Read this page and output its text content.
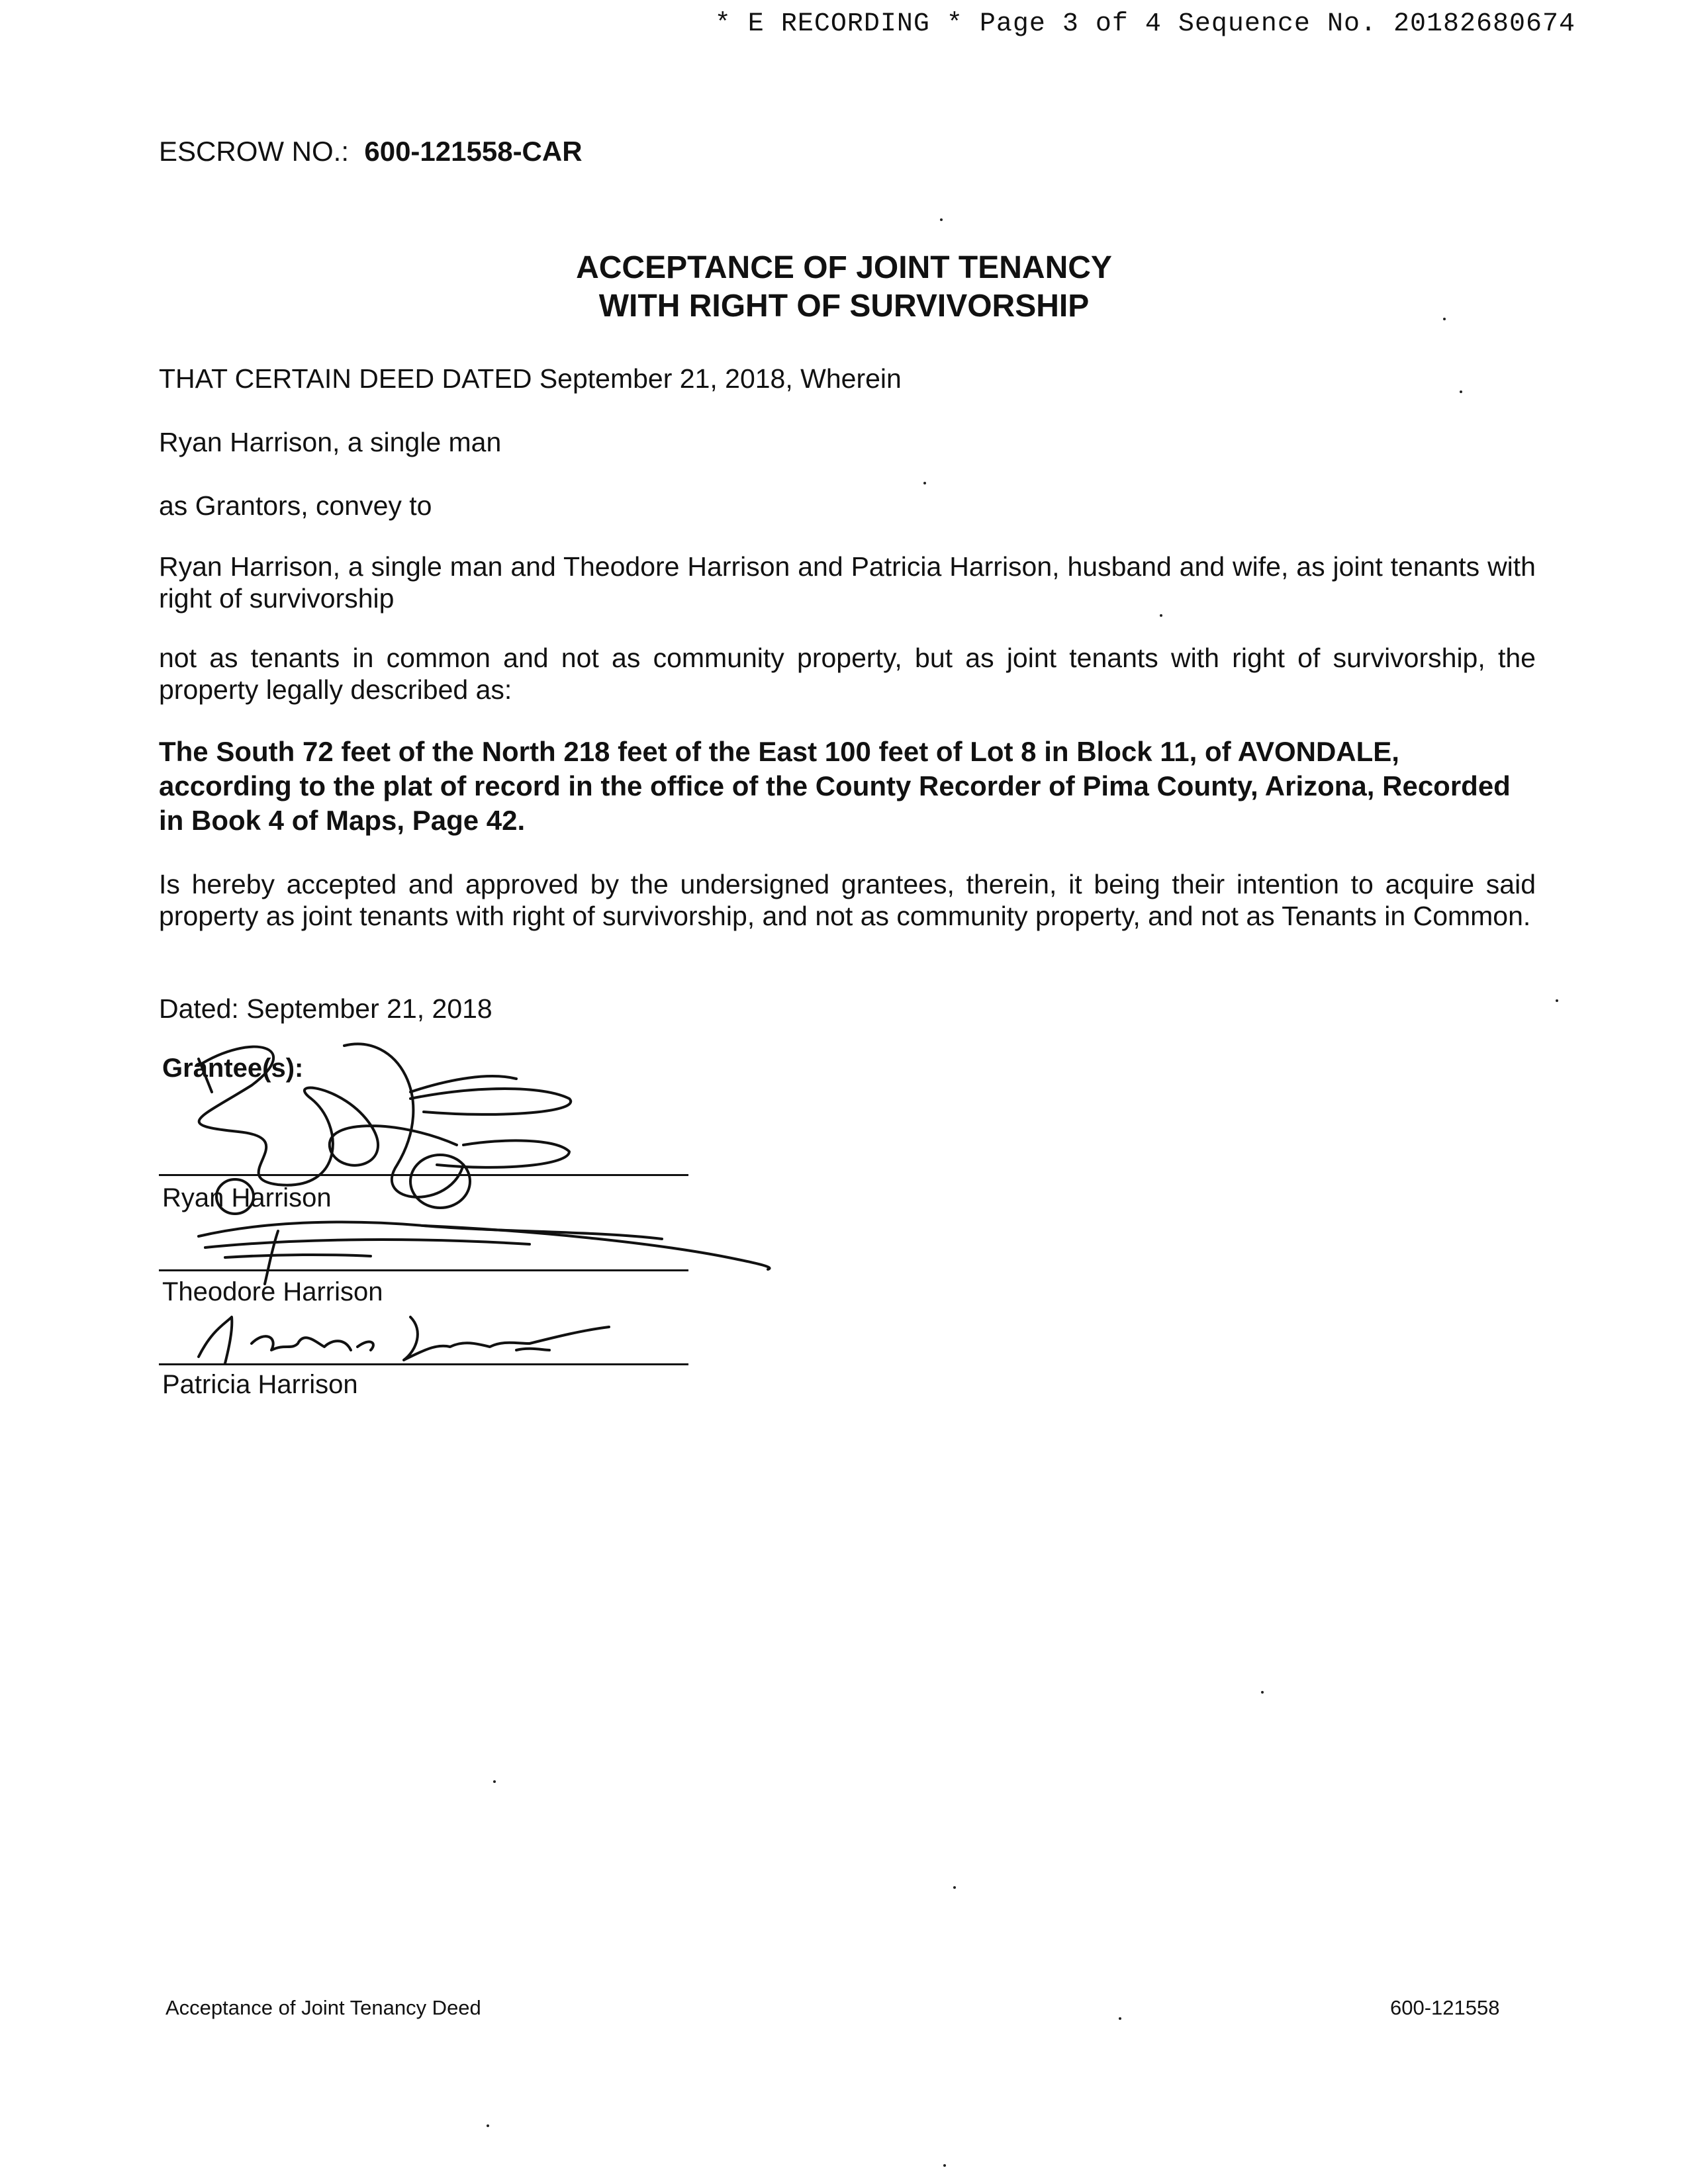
* E RECORDING * Page 3 of 4 Sequence No. 20182680674
ESCROW NO.: 600-121558-CAR
ACCEPTANCE OF JOINT TENANCY
WITH RIGHT OF SURVIVORSHIP
THAT CERTAIN DEED DATED September 21, 2018, Wherein
Ryan Harrison, a single man
as Grantors, convey to
Ryan Harrison, a single man and Theodore Harrison and Patricia Harrison, husband and wife, as joint tenants with right of survivorship
not as tenants in common and not as community property, but as joint tenants with right of survivorship, the property legally described as:
The South 72 feet of the North 218 feet of the East 100 feet of Lot 8 in Block 11, of AVONDALE, according to the plat of record in the office of the County Recorder of Pima County, Arizona, Recorded in Book 4 of Maps, Page 42.
Is hereby accepted and approved by the undersigned grantees, therein, it being their intention to acquire said property as joint tenants with right of survivorship, and not as community property, and not as Tenants in Common.
Dated: September 21, 2018
Grantee(s):
Ryan Harrison
Theodore Harrison
Patricia Harrison
Acceptance of Joint Tenancy Deed	600-121558
